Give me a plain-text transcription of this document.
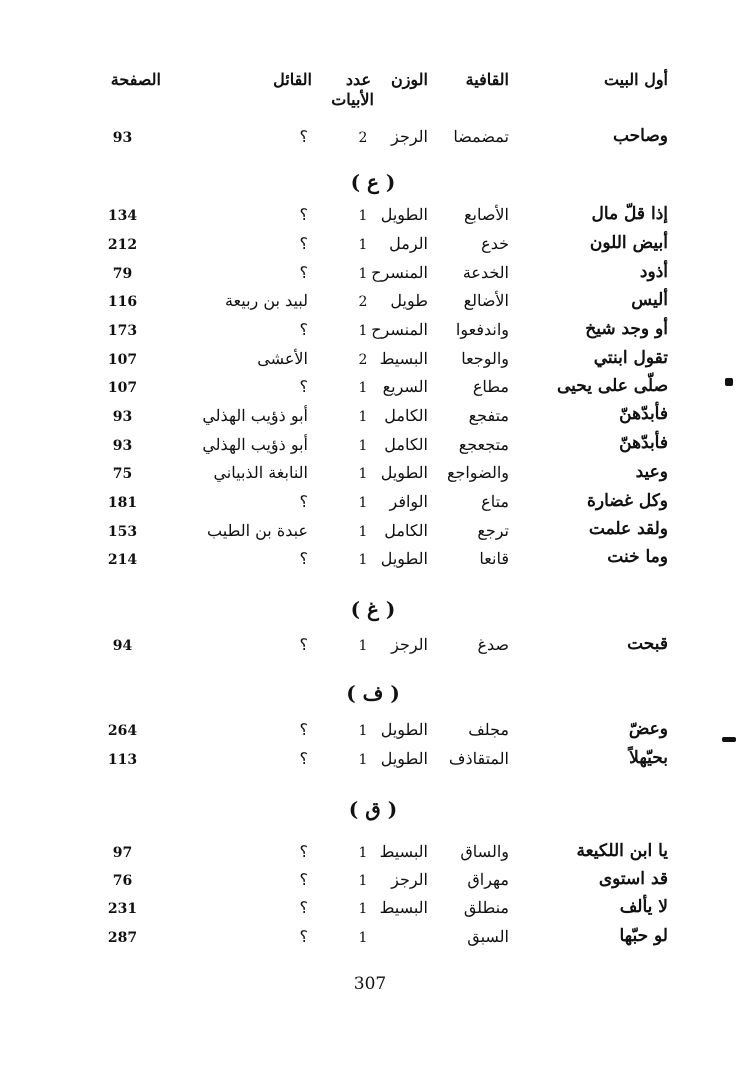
أول البيت
القافية
الوزن
عدد
الأبيات
القائل
الصفحة
وصاحب
تمضمضا
الرجز
2
؟
93
( ع )
إذا قلّ مال
الأصابع
الطويل
1
؟
134
أبيض اللون
خدع
الرمل
1
؟
212
أذود
الخدعة
المنسرح
1
؟
79
أليس
الأضالع
طويل
2
لبيد بن ربيعة
116
أو وجد شيخ
واندفعوا
المنسرح
1
؟
173
تقول ابنتي
والوجعا
البسيط
2
الأعشى
107
صلّى على يحيى
مطاع
السريع
1
؟
107
فأبدّهنّ
متفجع
الكامل
1
أبو ذؤيب الهذلي
93
فأبدّهنّ
متجعجع
الكامل
1
أبو ذؤيب الهذلي
93
وعيد
والضواجع
الطويل
1
النابغة الذبياني
75
وكل غضارة
متاع
الوافر
1
؟
181
ولقد علمت
ترجع
الكامل
1
عبدة بن الطيب
153
وما خنت
قانعا
الطويل
1
؟
214
( غ )
قبحت
صدغ
الرجز
1
؟
94
( ف )
وعضّ
مجلف
الطويل
1
؟
264
بحيّهلاً
المتقاذف
الطويل
1
؟
113
( ق )
يا ابن اللكيعة
والساق
البسيط
1
؟
97
قد استوى
مهراق
الرجز
1
؟
76
لا يألف
منطلق
البسيط
1
؟
231
لو حبّها
السبق
1
؟
287
307
